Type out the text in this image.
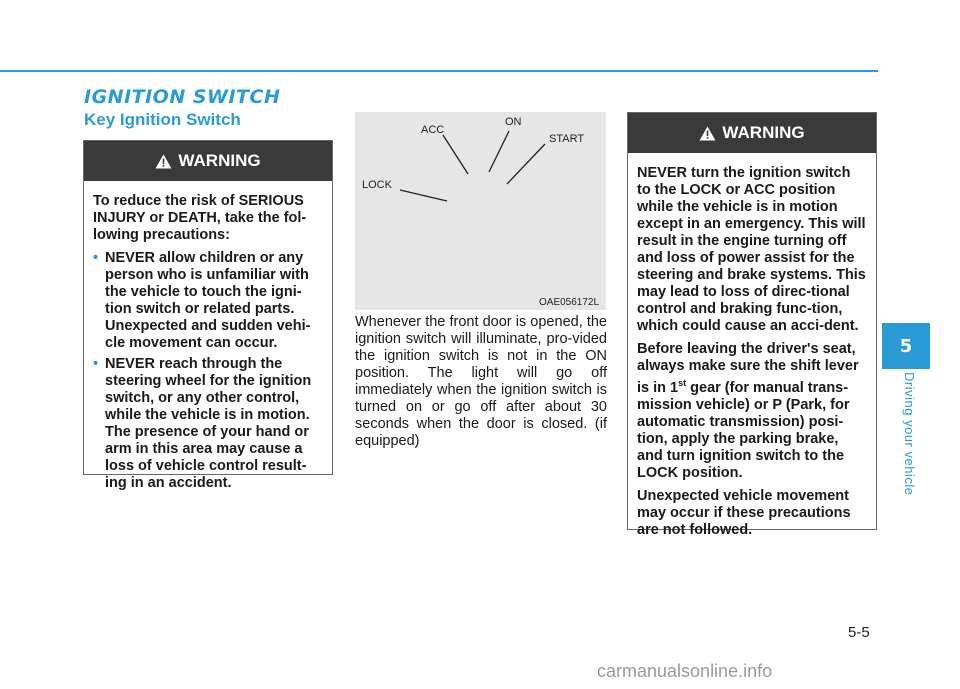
IGNITION SWITCH
Key Ignition Switch
WARNING

To reduce the risk of SERIOUS INJURY or DEATH, take the fol-lowing precautions:

• NEVER allow children or any person who is unfamiliar with the vehicle to touch the igni-tion switch or related parts. Unexpected and sudden vehi-cle movement can occur.
• NEVER reach through the steering wheel for the ignition switch, or any other control, while the vehicle is in motion. The presence of your hand or arm in this area may cause a loss of vehicle control result-ing in an accident.
LOCK
ACC
ON
START
OAE056172L

Whenever the front door is opened, the ignition switch will illuminate, pro-vided the ignition switch is not in the ON position. The light will go off immediately when the ignition switch is turned on or go off after about 30 seconds when the door is closed. (if equipped)

WARNING

NEVER turn the ignition switch to the LOCK or ACC position while the vehicle is in motion except in an emergency. This will result in the engine turning off and loss of power assist for the steering and brake systems. This may lead to loss of direc-tional control and braking func-tion, which could cause an acci-dent.

Before leaving the driver's seat, always make sure the shift lever is in 1st gear (for manual trans-mission vehicle) or P (Park, for automatic transmission) posi-tion, apply the parking brake, and turn ignition switch to the LOCK position.

Unexpected vehicle movement may occur if these precautions are not followed.

5
Driving your vehicle

5-5

carmanualsonline.info
